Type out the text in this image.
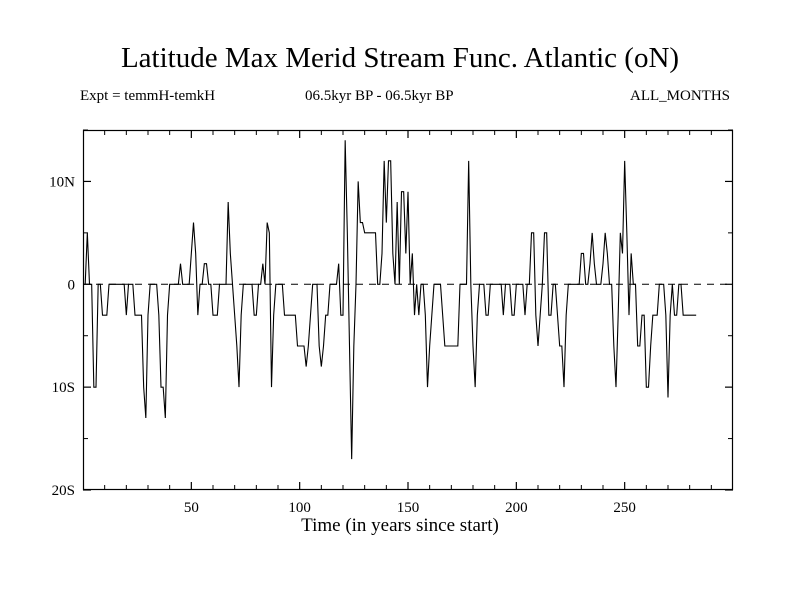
Latitude Max Merid Stream Func. Atlantic (oN)
Expt = temmH-temkH	06.5kyr BP - 06.5kyr BP	ALL_MONTHS
50	100	150	200	250
10N
0
10S
20S
Time (in years since start)
